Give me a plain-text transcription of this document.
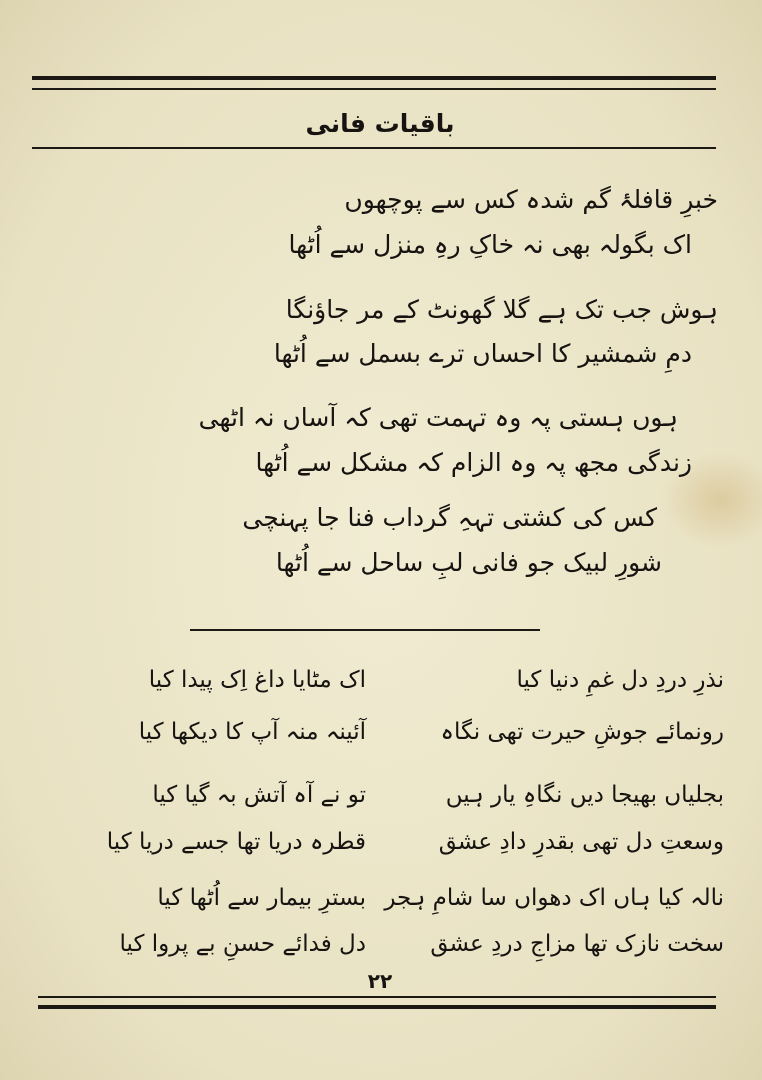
باقیات فانی
خبرِ قافلۂ گم شدہ کس سے پوچھوں
اک بگولہ بھی نہ خاکِ رہِ منزل سے اُٹھا
ہوش جب تک ہے گلا گھونٹ کے مر جاؤنگا
دمِ شمشیر کا احساں ترے بسمل سے اُٹھا
ہوں ہستی پہ وہ تہمت تھی کہ آساں نہ اٹھی
زندگی مجھ پہ وہ الزام کہ مشکل سے اُٹھا
کس کی کشتی تہہِ گرداب فنا جا پہنچی
شورِ لبیک جو فانی لبِ ساحل سے اُٹھا
نذرِ دردِ دل غمِ دنیا کیا
اک مٹایا داغ اِک پیدا کیا
رونمائے جوشِ حیرت تھی نگاہ
آئینہ منہ آپ کا دیکھا کیا
بجلیاں بھیجا دیں نگاہِ یار ہیں
تو نے آہ آتش بہ گیا کیا
وسعتِ دل تھی بقدرِ دادِ عشق
قطرہ دریا تھا جسے دریا کیا
نالہ کیا ہاں اک دھواں سا شامِ ہجر
بسترِ بیمار سے اُٹھا کیا
سخت نازک تھا مزاجِ دردِ عشق
دل فدائے حسنِ بے پروا کیا
۲۲
